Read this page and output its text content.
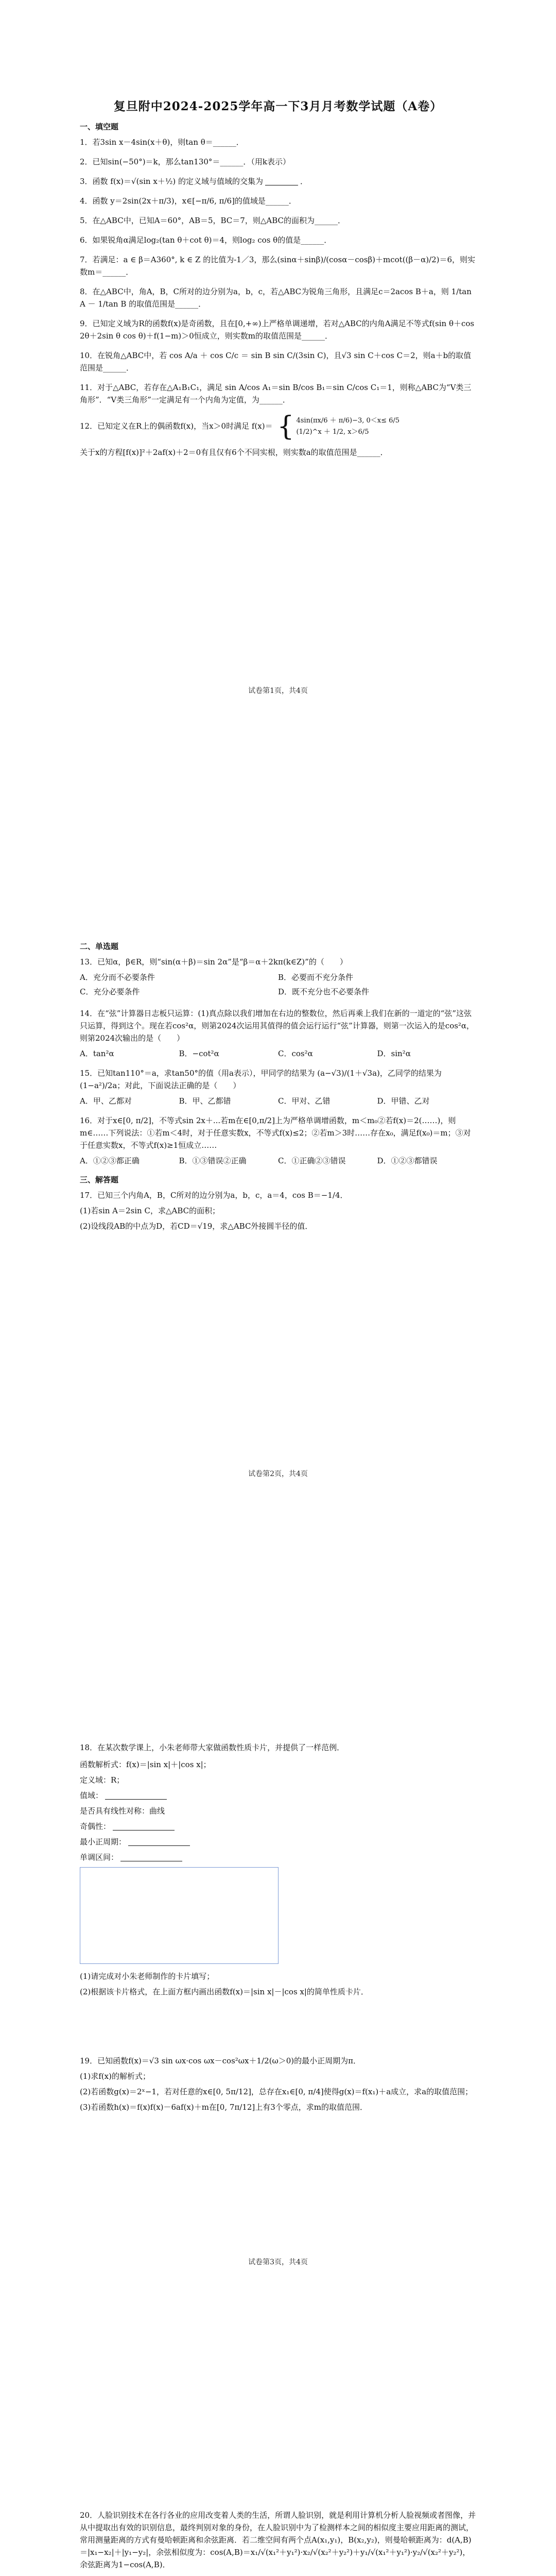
复旦附中2024-2025学年高一下3月月考数学试题（A卷）
一、填空题
1．若3sin x－4sin(x＋θ)，则tan θ＝______．
2．已知sin(−50°)＝k，那么tan130°＝______．（用k表示）
3．函数 f(x)＝√(sin x＋½) 的定义域与值域的交集为	．
4．函数 y＝2sin(2x＋π/3)，x∈[−π/6, π/6]的值域是______．
5．在△ABC中，已知A＝60°，AB＝5，BC＝7，则△ABC的面积为______．
6．如果锐角α满足log₂(tan θ＋cot θ)＝4，则log₂ cos θ的值是______．
7．若满足：a ∈ β＝A360°, k ∈ Z 的比值为-1／3，那么(sinα＋sinβ)/(cosα－cosβ)＋mcot((β－α)/2)＝6，则实数m＝______．
8．在△ABC中，角A，B，C所对的边分别为a，b，c，若△ABC为锐角三角形，且满足c＝2acos B＋a，则 1/tan A － 1/tan B 的取值范围是______．
9．已知定义域为R的函数f(x)是奇函数，且在[0,+∞)上严格单调递增，若对△ABC的内角A满足不等式f(sin θ＋cos 2θ＋2sin θ cos θ)＋f(1−m)＞0恒成立，则实数m的取值范围是______．
10．在锐角△ABC中，若 cos A/a ＋ cos C/c ＝ sin B sin C/(3sin C)，且√3 sin C＋cos C＝2，则a＋b的取值范围是______．
11．对于△ABC，若存在△A₁B₁C₁，满足 sin A/cos A₁＝sin B/cos B₁＝sin C/cos C₁＝1，则称△ABC为“V类三角形”．“V类三角形”一定满足有一个内角为定值，为______．
12．已知定义在R上的偶函数f(x)，当x＞0时满足 f(x)＝ { 4sin(πx/6 ＋ π/6)−3, 0＜x≤ 6/5
(1/2)^x ＋ 1/2, x＞6/5

关于x的方程[f(x)]²＋2af(x)＋2＝0有且仅有6个不同实根，则实数a的取值范围是______．

试卷第1页，共4页
二、单选题

13．已知α，β∈R，则“sin(α＋β)＝sin 2α”是“β＝α＋2kπ(k∈Z)”的（　　）

A．充分而不必要条件	B．必要而不充分条件
C．充分必要条件	D．既不充分也不必要条件

14．在“弦”计算器日志板只运算：(1)真点除以我们增加在右边的整数位，然后再乘上我们在新的一道定的“弦”这弦只运算，得到这个。现在若cos²α，则第2024次运用其值得的值会运行运行“弦”计算器，则第一次运入的是cos²α，则第2024次输出的是（　　）

A．tan²α	B．−cot²α	C．cos²α	D．sin²α

15．已知tan110°＝a，求tan50°的值（用a表示），甲同学的结果为 (a−√3)/(1＋√3a)，乙同学的结果为 (1−a²)/2a；对此，下面说法正确的是（　　）

A．甲、乙都对	B．甲、乙都错	C．甲对、乙错	D．甲错、乙对

16．对于x∈[0, π/2]，不等式sin 2x＋...若m在∈[0,π/2]上为严格单调增函数，m＜m₀②若f(x)＝2(……)，则m∈……下列说法：①若m＜4时，对于任意实数x，不等式f(x)≤2；②若m＞3时……存在x₀，满足f(x₀)＝m；③对于任意实数x，不等式f(x)≥1恒成立……

A．①②③都正确	B．①③错误②正确	C．①正确②③错误	D．①②③都错误
三、解答题

17．已知三个内角A，B，C所对的边分别为a，b，c，a＝4，cos B＝−1/4．

(1)若sin A＝2sin C，求△ABC的面积；

(2)设线段AB的中点为D，若CD＝√19，求△ABC外接圆半径的值．

试卷第2页，共4页

18．在某次数学课上，小朱老师带大家做函数性质卡片，并提供了一样范例．

函数解析式：f(x)＝|sin x|＋|cos x|；
定义域：R；
值域：
是否具有线性对称：曲线
奇偶性：
最小正周期：
单调区间：

(1)请完成对小朱老师制作的卡片填写；

(2)根据该卡片格式，在上面方框内画出函数f(x)＝|sin x|－|cos x|的简单性质卡片．

19．已知函数f(x)＝√3 sin ωx·cos ωx－cos²ωx＋1/2(ω＞0)的最小正周期为π．

(1)求f(x)的解析式；

(2)若函数g(x)＝2ˣ−1，若对任意的x∈[0, 5π/12]，总存在x₁∈[0, π/4]使得g(x)＝f(x₁)＋a成立，求a的取值范围；

(3)若函数h(x)＝f(x)f(x)－6af(x)＋m在[0, 7π/12]上有3个零点，求m的取值范围．

试卷第3页，共4页

20．人脸识别技术在各行各业的应用改变着人类的生活，所谓人脸识别，就是利用计算机分析人脸视频或者图像，并从中提取出有效的识别信息，最终判别对象的身份，在人脸识别中为了检测样本之间的相似度主要应用距离的测试，常用测量距离的方式有曼哈顿距离和余弦距离．若二维空间有两个点A(x₁,y₁)，B(x₂,y₂)，则曼哈顿距离为：d(A,B)＝|x₁−x₂|＋|y₁−y₂|，余弦相似度为：cos(A,B)＝x₁/√(x₁²＋y₁²)·x₂/√(x₂²＋y₂²)＋y₁/√(x₁²＋y₁²)·y₂/√(x₂²＋y₂²)，余弦距离为1−cos(A,B)．
